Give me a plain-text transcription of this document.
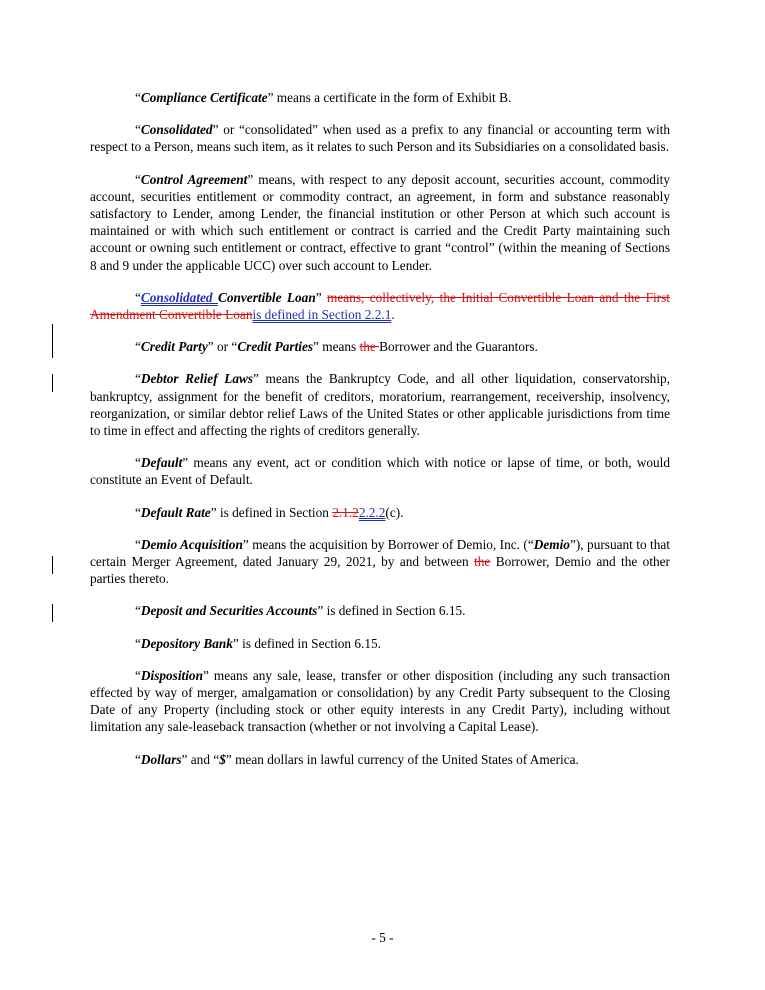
“Compliance Certificate” means a certificate in the form of Exhibit B.

“Consolidated” or “consolidated” when used as a prefix to any financial or accounting term with respect to a Person, means such item, as it relates to such Person and its Subsidiaries on a consolidated basis.

“Control Agreement” means, with respect to any deposit account, securities account, commodity account, securities entitlement or commodity contract, an agreement, in form and substance reasonably satisfactory to Lender, among Lender, the financial institution or other Person at which such account is maintained or with which such entitlement or contract is carried and the Credit Party maintaining such account or owning such entitlement or contract, effective to grant “control” (within the meaning of Sections 8 and 9 under the applicable UCC) over such account to Lender.

“Consolidated Convertible Loan” means, collectively, the Initial Convertible Loan and the First Amendment Convertible Loanis defined in Section 2.2.1.

“Credit Party” or “Credit Parties” means the Borrower and the Guarantors.

“Debtor Relief Laws” means the Bankruptcy Code, and all other liquidation, conservatorship, bankruptcy, assignment for the benefit of creditors, moratorium, rearrangement, receivership, insolvency, reorganization, or similar debtor relief Laws of the United States or other applicable jurisdictions from time to time in effect and affecting the rights of creditors generally.

“Default” means any event, act or condition which with notice or lapse of time, or both, would constitute an Event of Default.

“Default Rate” is defined in Section 2.1.22.2.2(c).

“Demio Acquisition” means the acquisition by Borrower of Demio, Inc. (“Demio”), pursuant to that certain Merger Agreement, dated January 29, 2021, by and between the Borrower, Demio and the other parties thereto.

“Deposit and Securities Accounts” is defined in Section 6.15.

“Depository Bank” is defined in Section 6.15.

“Disposition” means any sale, lease, transfer or other disposition (including any such transaction effected by way of merger, amalgamation or consolidation) by any Credit Party subsequent to the Closing Date of any Property (including stock or other equity interests in any Credit Party), including without limitation any sale-leaseback transaction (whether or not involving a Capital Lease).

“Dollars” and “$” mean dollars in lawful currency of the United States of America.

- 5 -
